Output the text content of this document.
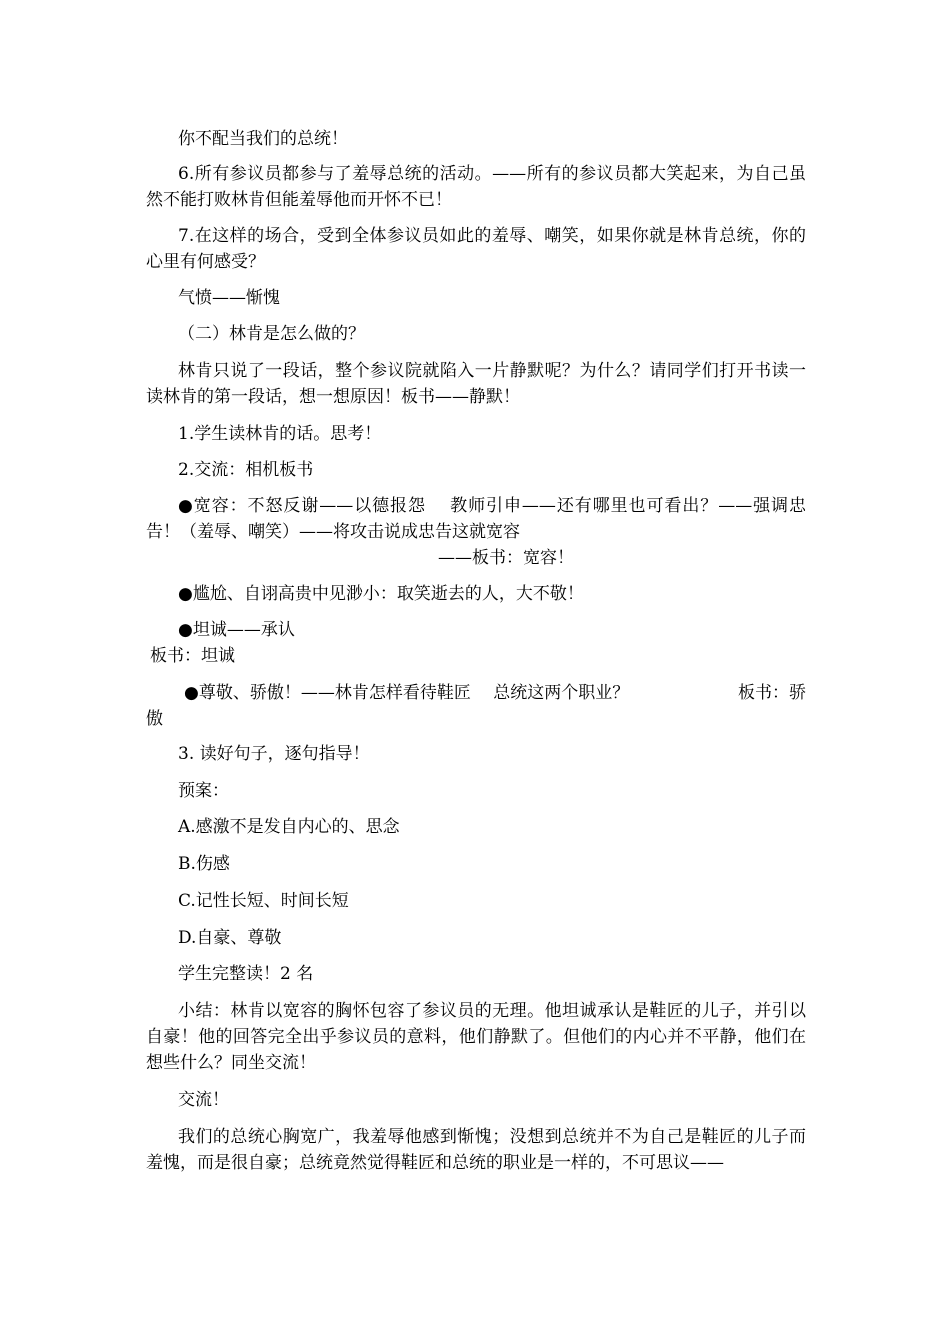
你不配当我们的总统！

6.所有参议员都参与了羞辱总统的活动。——所有的参议员都大笑起来，为自己虽然不能打败林肯但能羞辱他而开怀不已！

7.在这样的场合，受到全体参议员如此的羞辱、嘲笑，如果你就是林肯总统，你的心里有何感受？

气愤——惭愧

（二）林肯是怎么做的？

林肯只说了一段话，整个参议院就陷入一片静默呢？为什么？请同学们打开书读一读林肯的第一段话，想一想原因！板书——静默！

1.学生读林肯的话。思考！

2.交流：相机板书

●宽容：不怒反谢——以德报怨　 教师引申——还有哪里也可看出？——强调忠告！（羞辱、嘲笑）——将攻击说成忠告这就宽容

——板书：宽容！

●尴尬、自诩高贵中见渺小：取笑逝去的人，大不敬！

●坦诚——承认

板书：坦诚
●尊敬、骄傲！——林肯怎样看待鞋匠　 总统这两个职业？	板书：骄
傲

3. 读好句子，逐句指导！

预案：

A.感激不是发自内心的、思念

B.伤感

C.记性长短、时间长短

D.自豪、尊敬

学生完整读！2 名

小结：林肯以宽容的胸怀包容了参议员的无理。他坦诚承认是鞋匠的儿子，并引以自豪！他的回答完全出乎参议员的意料，他们静默了。但他们的内心并不平静，他们在想些什么？同坐交流！

交流！

我们的总统心胸宽广，我羞辱他感到惭愧；没想到总统并不为自己是鞋匠的儿子而羞愧，而是很自豪；总统竟然觉得鞋匠和总统的职业是一样的，不可思议——
